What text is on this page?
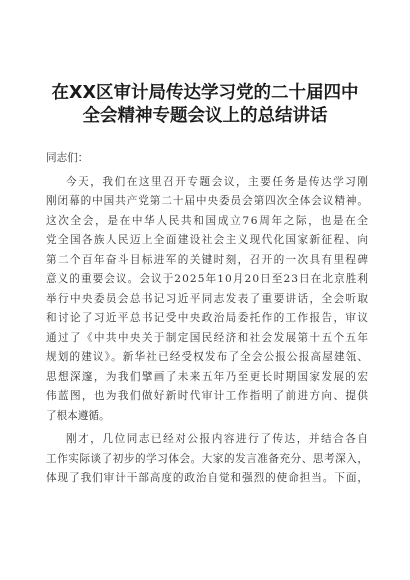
在XX区审计局传达学习党的二十届四中
全会精神专题会议上的总结讲话
同志们：
今天，我们在这里召开专题会议，主要任务是传达学习刚
刚闭幕的中国共产党第二十届中央委员会第四次全体会议精神。
这次全会，是在中华人民共和国成立76周年之际，也是在全
党全国各族人民迈上全面建设社会主义现代化国家新征程、向
第二个百年奋斗目标进军的关键时刻，召开的一次具有里程碑
意义的重要会议。会议于2025年10月20日至23日在北京胜利
举行中央委员会总书记习近平同志发表了重要讲话，全会听取
和讨论了习近平总书记受中央政治局委托作的工作报告，审议
通过了《中共中央关于制定国民经济和社会发展第十五个五年
规划的建议》。新华社已经受权发布了全会公报公报高屋建瓴、
思想深邃，为我们擘画了未来五年乃至更长时期国家发展的宏
伟蓝图，也为我们做好新时代审计工作指明了前进方向、提供
了根本遵循。
刚才，几位同志已经对公报内容进行了传达，并结合各自
工作实际谈了初步的学习体会。大家的发言准备充分、思考深入，
体现了我们审计干部高度的政治自觉和强烈的使命担当。下面，
